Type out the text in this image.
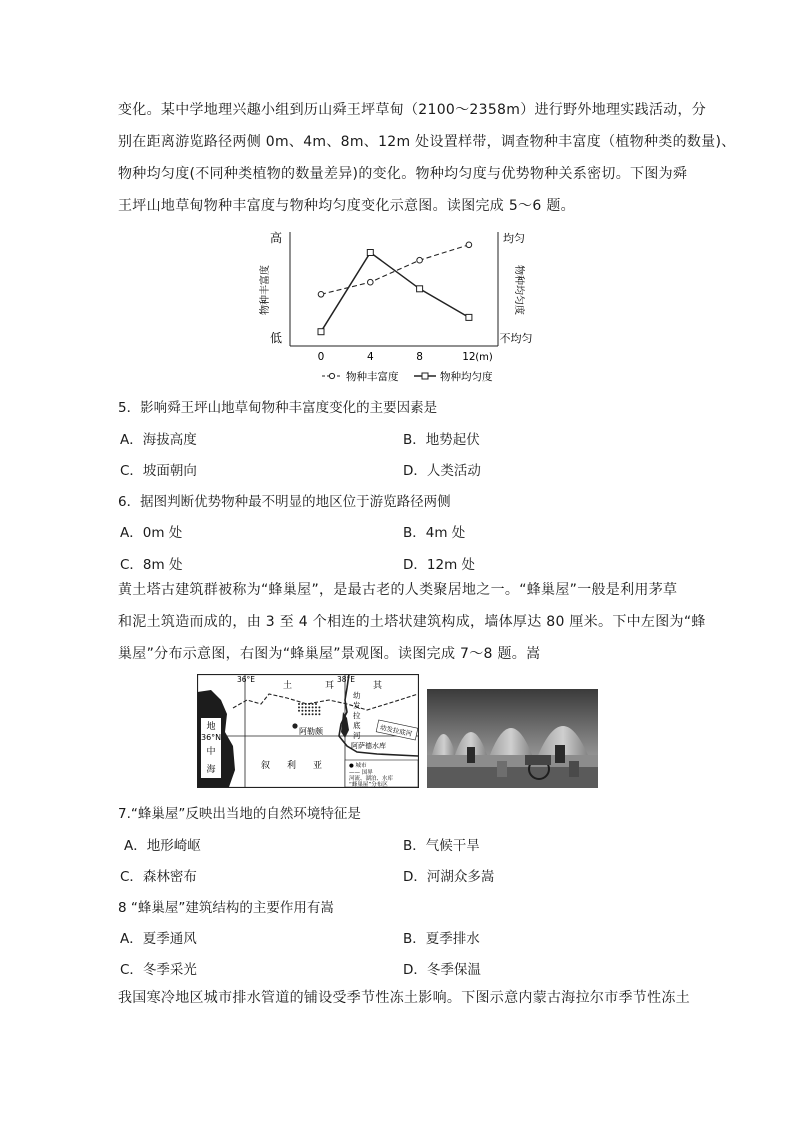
变化。某中学地理兴趣小组到历山舜王坪草甸（2100～2358m）进行野外地理实践活动，分
别在距离游览路径两侧 0m、4m、8m、12m 处设置样带，调查物种丰富度（植物种类的数量)、
物种均匀度(不同种类植物的数量差异)的变化。物种均匀度与优势物种关系密切。下图为舜
王坪山地草甸物种丰富度与物种均匀度变化示意图。读图完成 5～6 题。
高
低
物种丰富度
均匀
不均匀
物种均匀度
(m)
0	4	8	12
物种丰富度	物种均匀度
5．影响舜王坪山地草甸物种丰富度变化的主要因素是
A．海拔高度	B．地势起伏
C．坡面朝向	D．人类活动
6．据图判断优势物种最不明显的地区位于游览路径两侧
A．0m 处	B．4m 处
C．8m 处	D．12m 处
黄土塔古建筑群被称为“蜂巢屋”，是最古老的人类聚居地之一。“蜂巢屋”一般是利用茅草
和泥土筑造而成的，由 3 至 4 个相连的土塔状建筑构成，墙体厚达 80 厘米。下中左图为“蜂
巢屋”分布示意图，右图为“蜂巢屋”景观图。读图完成 7～8 题。嵩
地
中
海
36°N
36°E	38°E
土	耳	其
幼
发
拉
底
河
阿勒颇
阿萨德水库
幼发拉底河
叙 利 亚	● 城市
—— 国界
河流、湖泊、水库
“蜂巢屋”分布区
7.“蜂巢屋”反映出当地的自然环境特征是
A．地形崎岖	B．气候干旱
C．森林密布	D．河湖众多嵩
8 “蜂巢屋”建筑结构的主要作用有嵩
A．夏季通风	B．夏季排水
C．冬季采光	D．冬季保温
我国寒冷地区城市排水管道的铺设受季节性冻土影响。下图示意内蒙古海拉尔市季节性冻土
